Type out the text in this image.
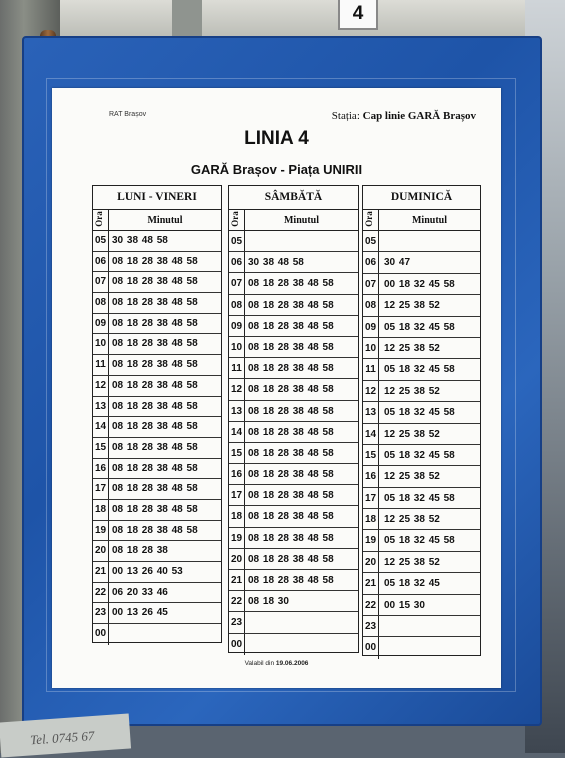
4
RAT Brașov	Stația: Cap linie GARĂ Brașov
LINIA 4
GARĂ Brașov - Piața UNIRII
LUNI - VINERI
Ora	Minutul
05 30 38 48 58
06 08 18 28 38 48 58
07 08 18 28 38 48 58
08 08 18 28 38 48 58
09 08 18 28 38 48 58
10 08 18 28 38 48 58
11 08 18 28 38 48 58
12 08 18 28 38 48 58
13 08 18 28 38 48 58
14 08 18 28 38 48 58
15 08 18 28 38 48 58
16 08 18 28 38 48 58
17 08 18 28 38 48 58
18 08 18 28 38 48 58
19 08 18 28 38 48 58
20 08 18 28 38
21 00 13 26 40 53
22 06 20 33 46
23 00 13 26 45
00
SÂMBĂTĂ
Ora	Minutul
05
06 30 38 48 58
07 08 18 28 38 48 58
08 08 18 28 38 48 58
09 08 18 28 38 48 58
10 08 18 28 38 48 58
11 08 18 28 38 48 58
12 08 18 28 38 48 58
13 08 18 28 38 48 58
14 08 18 28 38 48 58
15 08 18 28 38 48 58
16 08 18 28 38 48 58
17 08 18 28 38 48 58
18 08 18 28 38 48 58
19 08 18 28 38 48 58
20 08 18 28 38 48 58
21 08 18 28 38 48 58
22 08 18 30
23
00
DUMINICĂ
Ora	Minutul
05
06 30 47
07 00 18 32 45 58
08 12 25 38 52
09 05 18 32 45 58
10 12 25 38 52
11 05 18 32 45 58
12 12 25 38 52
13 05 18 32 45 58
14 12 25 38 52
15 05 18 32 45 58
16 12 25 38 52
17 05 18 32 45 58
18 12 25 38 52
19 05 18 32 45 58
20 12 25 38 52
21 05 18 32 45
22 00 15 30
23
00
Valabil din 19.06.2006
Tel. 0745 67
